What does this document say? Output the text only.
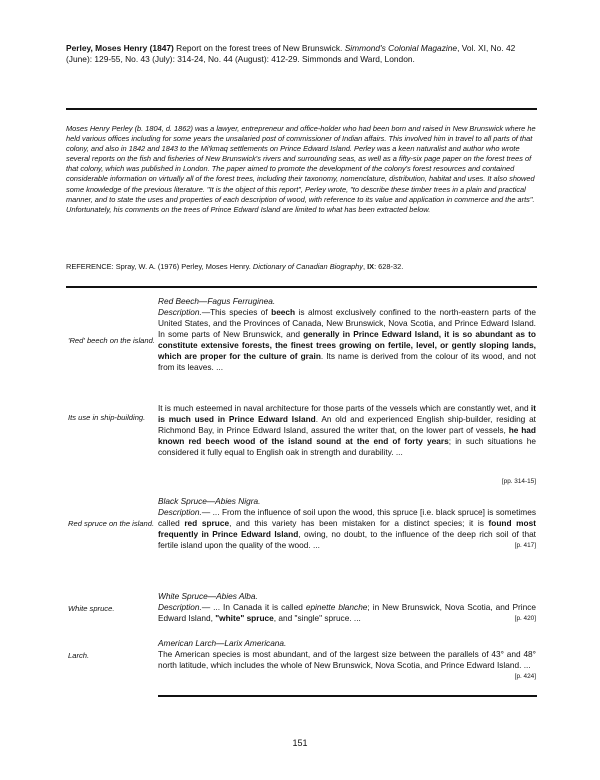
Perley, Moses Henry (1847) Report on the forest trees of New Brunswick. Simmond's Colonial Magazine, Vol. XI, No. 42 (June): 129-55, No. 43 (July): 314-24, No. 44 (August): 412-29. Simmonds and Ward, London.
Moses Henry Perley (b. 1804, d. 1862) was a lawyer, entrepreneur and office-holder who had been born and raised in New Brunswick where he held various offices including for some years the unsalaried post of commissioner of Indian affairs. This involved him in travel to all parts of that colony, and also in 1842 and 1843 to the Mi'kmaq settlements on Prince Edward Island. Perley was a keen naturalist and author who wrote several reports on the fish and fisheries of New Brunswick's rivers and surrounding seas, as well as a fifty-six page paper on the forest trees of that colony, which was published in London. The paper aimed to promote the development of the colony's forest resources and contained considerable information on virtually all of the forest trees, including their taxonomy, nomenclature, distribution, habitat and uses. It also showed some knowledge of the previous literature. "It is the object of this report", Perley wrote, "to describe these timber trees in a plain and practical manner, and to state the uses and properties of each description of wood, with reference to its value and application in commerce and the arts". Unfortunately, his comments on the trees of Prince Edward Island are limited to what has been extracted below.
REFERENCE: Spray, W. A. (1976) Perley, Moses Henry. Dictionary of Canadian Biography, IX: 628-32.
'Red' beech on the island.
Its use in ship-building.
Red spruce on the island.
White spruce.
Larch.
Red Beech—Fagus Ferruginea.
Description.—This species of beech is almost exclusively confined to the north-eastern parts of the United States, and the Provinces of Canada, New Brunswick, Nova Scotia, and Prince Edward Island. In some parts of New Brunswick, and generally in Prince Edward Island, it is so abundant as to constitute extensive forests, the finest trees growing on fertile, level, or gently sloping lands, which are proper for the culture of grain. Its name is derived from the colour of its wood, and not from its leaves. ...
It is much esteemed in naval architecture for those parts of the vessels which are constantly wet, and it is much used in Prince Edward Island. An old and experienced English ship-builder, residing at Richmond Bay, in Prince Edward Island, assured the writer that, on the lower part of vessels, he had known red beech wood of the island sound at the end of forty years; in such situations he considered it fully equal to English oak in strength and durability. ...
[pp. 314-15]
Black Spruce—Abies Nigra.
Description.— ... From the influence of soil upon the wood, this spruce [i.e. black spruce] is sometimes called red spruce, and this variety has been mistaken for a distinct species; it is found most frequently in Prince Edward Island, owing, no doubt, to the influence of the deep rich soil of that fertile island upon the quality of the wood. ...	[p. 417]
White Spruce—Abies Alba.
Description.— ... In Canada it is called epinette blanche; in New Brunswick, Nova Scotia, and Prince Edward Island, "white" spruce, and "single" spruce. ...	[p. 420]
American Larch—Larix Americana.
The American species is most abundant, and of the largest size between the parallels of 43° and 48° north latitude, which includes the whole of New Brunswick, Nova Scotia, and Prince Edward Island. ...
[p. 424]
151
